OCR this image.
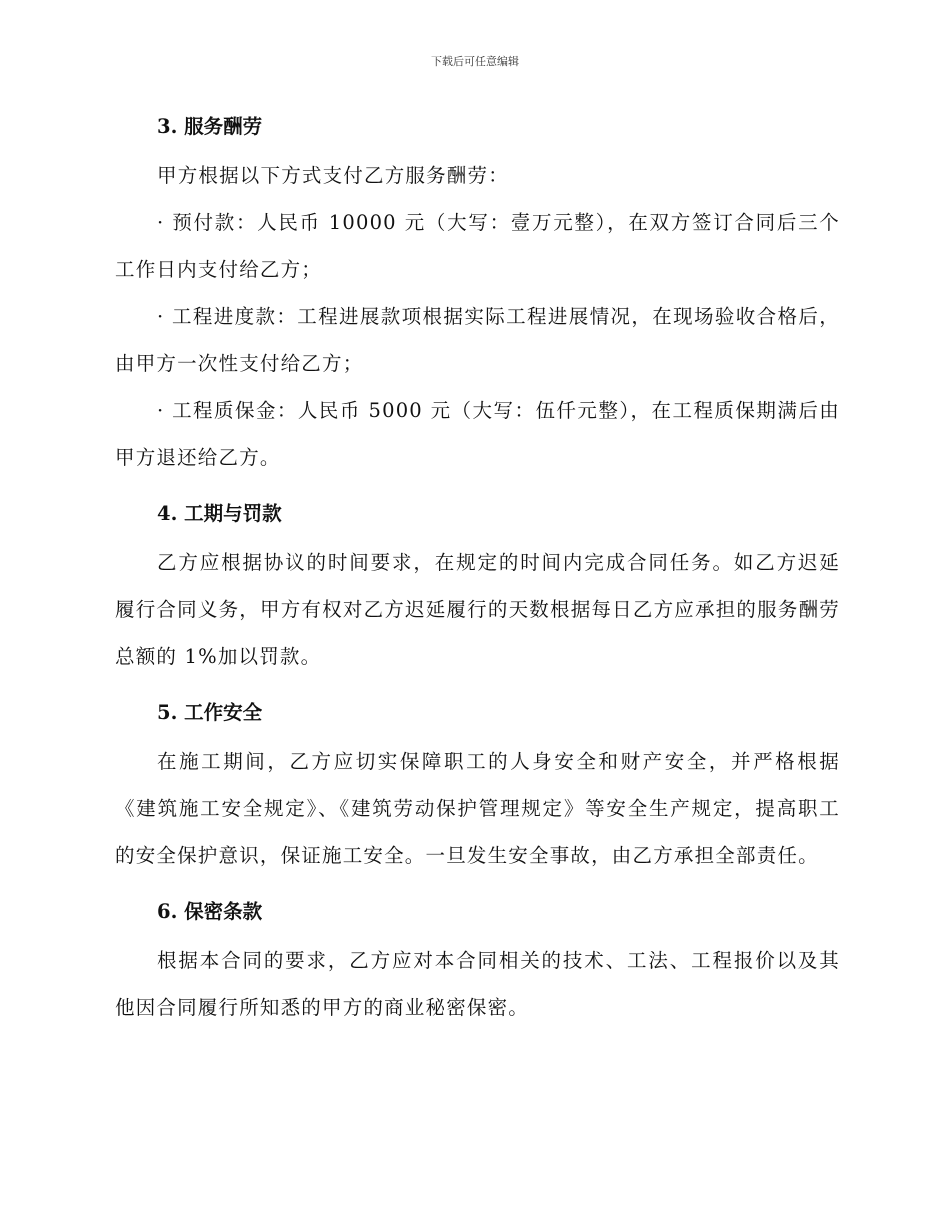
下载后可任意编辑
3. 服务酬劳

甲方根据以下方式支付乙方服务酬劳：

· 预付款：人民币 10000 元（大写：壹万元整），在双方签订合同后三个工作日内支付给乙方；

· 工程进度款：工程进展款项根据实际工程进展情况，在现场验收合格后，由甲方一次性支付给乙方；

· 工程质保金：人民币 5000 元（大写：伍仟元整），在工程质保期满后由甲方退还给乙方。

4. 工期与罚款

乙方应根据协议的时间要求，在规定的时间内完成合同任务。如乙方迟延履行合同义务，甲方有权对乙方迟延履行的天数根据每日乙方应承担的服务酬劳总额的 1%加以罚款。

5. 工作安全

在施工期间，乙方应切实保障职工的人身安全和财产安全，并严格根据《建筑施工安全规定》、《建筑劳动保护管理规定》等安全生产规定，提高职工的安全保护意识，保证施工安全。一旦发生安全事故，由乙方承担全部责任。

6. 保密条款

根据本合同的要求，乙方应对本合同相关的技术、工法、工程报价以及其他因合同履行所知悉的甲方的商业秘密保密。
